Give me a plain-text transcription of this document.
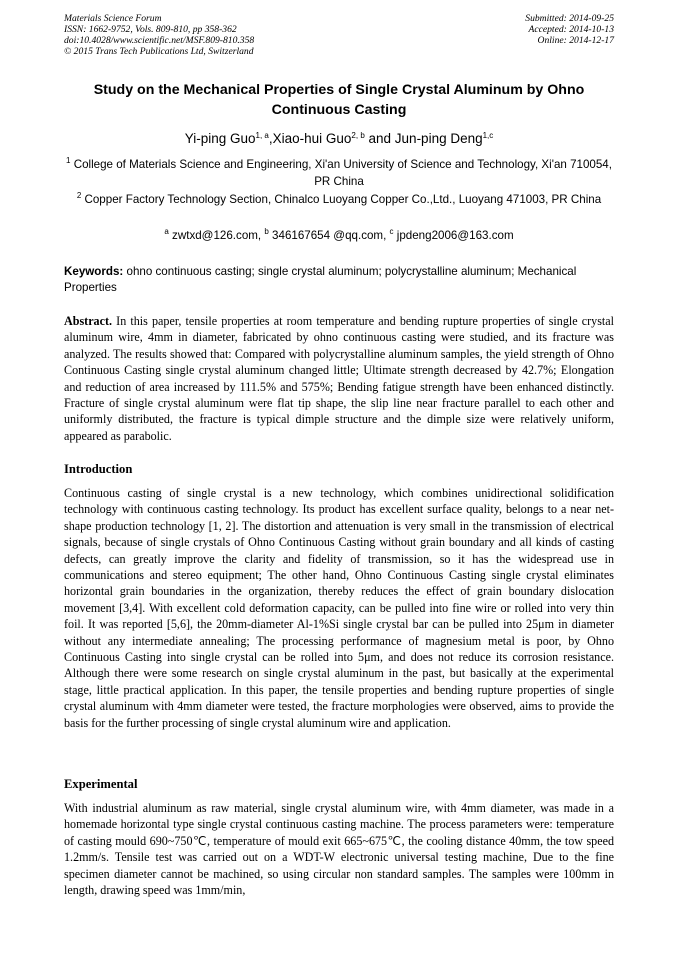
Materials Science Forum
ISSN: 1662-9752, Vols. 809-810, pp 358-362
doi:10.4028/www.scientific.net/MSF.809-810.358
© 2015 Trans Tech Publications Ltd, Switzerland
Submitted: 2014-09-25
Accepted: 2014-10-13
Online: 2014-12-17
Study on the Mechanical Properties of Single Crystal Aluminum by Ohno Continuous Casting
Yi-ping Guo$^{1, a}$,Xiao-hui Guo$^{2, b}$ and Jun-ping Deng$^{1,c}$
$^1$ College of Materials Science and Engineering, Xi'an University of Science and Technology, Xi'an 710054, PR China
$^2$ Copper Factory Technology Section, Chinalco Luoyang Copper Co.,Ltd., Luoyang 471003, PR China
$^a$ zwtxd@126.com, $^b$ 346167654 @qq.com, $^c$ jpdeng2006@163.com
Keywords: ohno continuous casting; single crystal aluminum; polycrystalline aluminum; Mechanical Properties
Abstract. In this paper, tensile properties at room temperature and bending rupture properties of single crystal aluminum wire, 4mm in diameter, fabricated by ohno continuous casting were studied, and its fracture was analyzed. The results showed that: Compared with polycrystalline aluminum samples, the yield strength of Ohno Continuous Casting single crystal aluminum changed little; Ultimate strength decreased by 42.7%; Elongation and reduction of area increased by 111.5% and 575%; Bending fatigue strength have been enhanced distinctly. Fracture of single crystal aluminum were flat tip shape, the slip line near fracture parallel to each other and uniformly distributed, the fracture is typical dimple structure and the dimple size were relatively uniform, appeared as parabolic.
Introduction
Continuous casting of single crystal is a new technology, which combines unidirectional solidification technology with continuous casting technology. Its product has excellent surface quality, belongs to a near net-shape production technology [1, 2]. The distortion and attenuation is very small in the transmission of electrical signals, because of single crystals of Ohno Continuous Casting without grain boundary and all kinds of casting defects, can greatly improve the clarity and fidelity of transmission, so it has the widespread use in communications and stereo equipment; The other hand, Ohno Continuous Casting single crystal eliminates horizontal grain boundaries in the organization, thereby reduces the effect of grain boundary dislocation movement [3,4]. With excellent cold deformation capacity, can be pulled into fine wire or rolled into very thin foil. It was reported [5,6], the 20mm-diameter Al-1%Si single crystal bar can be pulled into 25μm in diameter without any intermediate annealing; The processing performance of magnesium metal is poor, by Ohno Continuous Casting into single crystal can be rolled into 5μm, and does not reduce its corrosion resistance. Although there were some research on single crystal aluminum in the past, but basically at the experimental stage, little practical application. In this paper, the tensile properties and bending rupture properties of single crystal aluminum with 4mm diameter were tested, the fracture morphologies were observed, aims to provide the basis for the further processing of single crystal aluminum wire and application.
Experimental
With industrial aluminum as raw material, single crystal aluminum wire, with 4mm diameter, was made in a homemade horizontal type single crystal continuous casting machine. The process parameters were: temperature of casting mould 690~750℃, temperature of mould exit 665~675℃, the cooling distance 40mm, the tow speed 1.2mm/s. Tensile test was carried out on a WDT-W electronic universal testing machine, Due to the fine specimen diameter cannot be machined, so using circular non standard samples. The samples were 100mm in length, drawing speed was 1mm/min,
